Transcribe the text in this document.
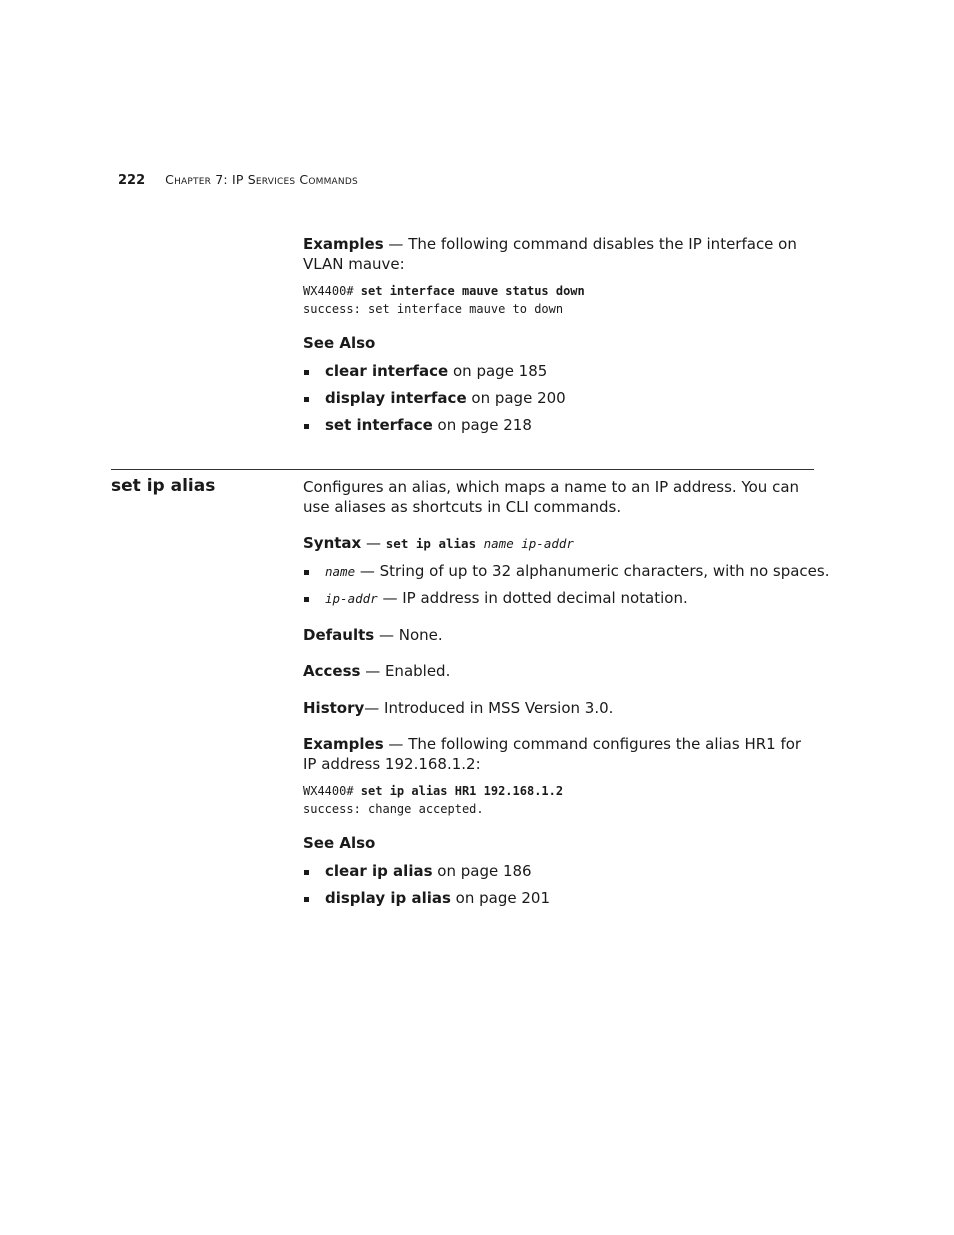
222 Chapter 7: IP Services Commands

Examples — The following command disables the IP interface on VLAN mauve:

WX4400# set interface mauve status down

success: set interface mauve to down

See Also

clear interface on page 185
display interface on page 200
set interface on page 218
set ip alias	Configures an alias, which maps a name to an IP address. You can use aliases as shortcuts in CLI commands.

Syntax — set ip alias name ip-addr

name — String of up to 32 alphanumeric characters, with no spaces.
ip-addr — IP address in dotted decimal notation.

Defaults — None.

Access — Enabled.

History— Introduced in MSS Version 3.0.

Examples — The following command configures the alias HR1 for IP address 192.168.1.2:

WX4400# set ip alias HR1 192.168.1.2

success: change accepted.

See Also

clear ip alias on page 186
display ip alias on page 201
